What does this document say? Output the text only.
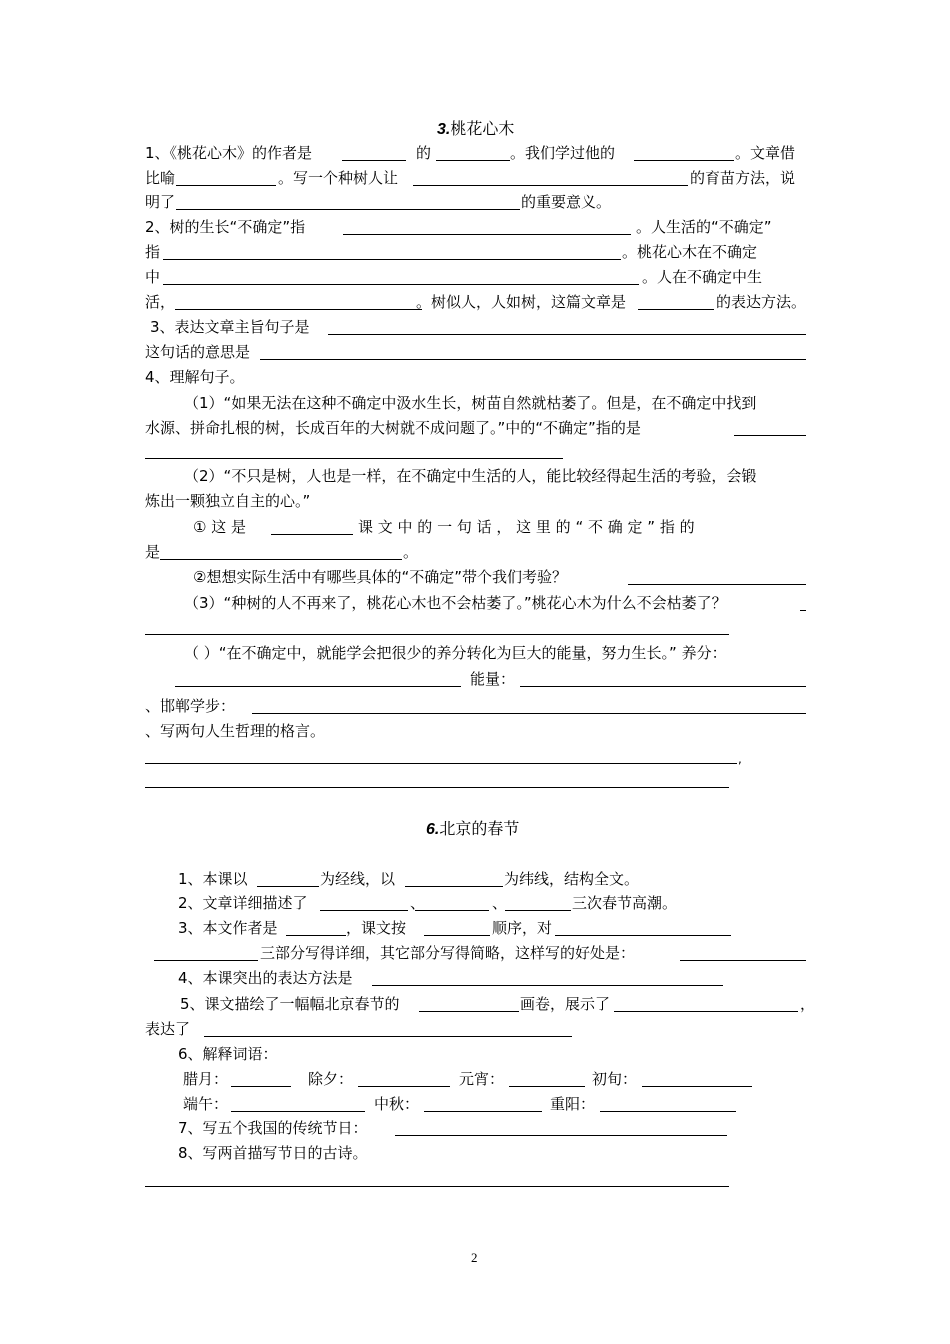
3.桃花心木
1、《桃花心木》的作者是	的	。我们学过他的	。文章借
比喻	。写一个种树人让	的育苗方法，说
明了	的重要意义。
2、树的生长“不确定”指	。人生活的“不确定”
指	。桃花心木在不确定
中	。人在不确定中生
活，	。树似人，人如树，这篇文章是	的表达方法。
3、表达文章主旨句子是
这句话的意思是
4、理解句子。
（1）“如果无法在这种不确定中汲水生长，树苗自然就枯萎了。但是，在不确定中找到
水源、拼命扎根的树，长成百年的大树就不成问题了。”中的“不确定”指的是
（2）“不只是树，人也是一样，在不确定中生活的人，能比较经得起生活的考验，会锻
炼出一颗独立自主的心。”
① 这 是	课 文 中 的 一 句 话 ， 这 里 的 “ 不 确 定 ” 指 的
是	。
②想想实际生活中有哪些具体的“不确定”带个我们考验？
（3）“种树的人不再来了，桃花心木也不会枯萎了。”桃花心木为什么不会枯萎了？
（ ）“在不确定中，就能学会把很少的养分转化为巨大的能量，努力生长。” 养分：
能量：
、邯郸学步：
、写两句人生哲理的格言。
,
6.北京的春节
1、本课以	为经线，以	为纬线，结构全文。
2、文章详细描述了	、	、	三次春节高潮。
3、本文作者是	，课文按	顺序，对
三部分写得详细，其它部分写得简略，这样写的好处是：
4、本课突出的表达方法是
5、课文描绘了一幅幅北京春节的	画卷，展示了	，
表达了
6、解释词语：
腊月：	除夕：	元宵：	初旬：
端午：	中秋：	重阳：
7、写五个我国的传统节日：
8、写两首描写节日的古诗。
2
